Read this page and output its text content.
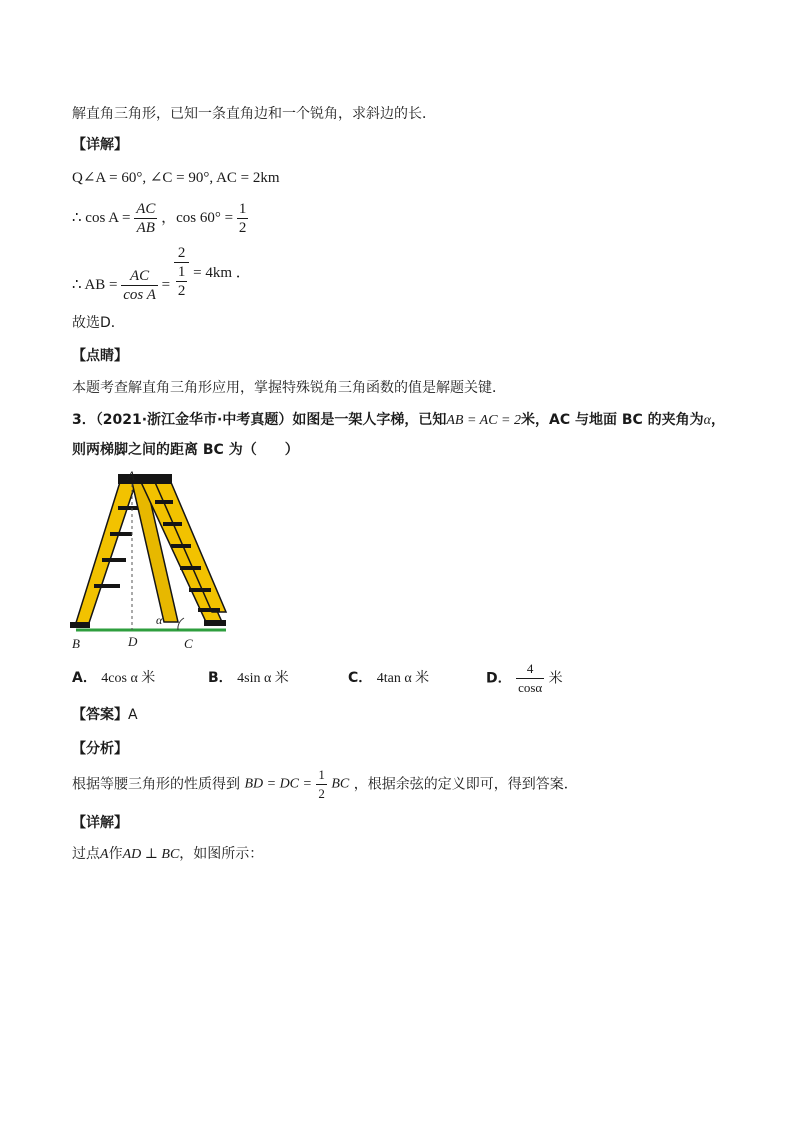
解直角三角形，已知一条直角边和一个锐角，求斜边的长．
【详解】
Q∠A = 60°, ∠C = 90°, AC = 2km
∴ $\cos A = \frac{AC}{AB}$ ，$\cos 60^\circ = \frac{1}{2}$
∴ AB = $\frac{AC}{\text{cos A}} = \frac{2}{\frac{1}{2}} = 4km$ ．
故选D．
【点睛】
本题考查解直角三角形应用，掌握特殊锐角三角函数的值是解题关键．
3．（2021·浙江金华市·中考真题）如图是一架人字梯，已知AB = AC = 2米，AC 与地面 BC 的夹角为α，
则两梯脚之间的距离 BC 为（　　）
A
B	D	C
α
A． 4cos α 米	B． 4sin α 米	C． 4tan α 米	D． $\frac{4}{\cos\alpha}$ 米
【答案】A
【分析】
根据等腰三角形的性质得到 BD = DC = $\frac{1}{2}$ BC ，根据余弦的定义即可，得到答案．
【详解】
过点A作AD ⊥ BC，如图所示：
